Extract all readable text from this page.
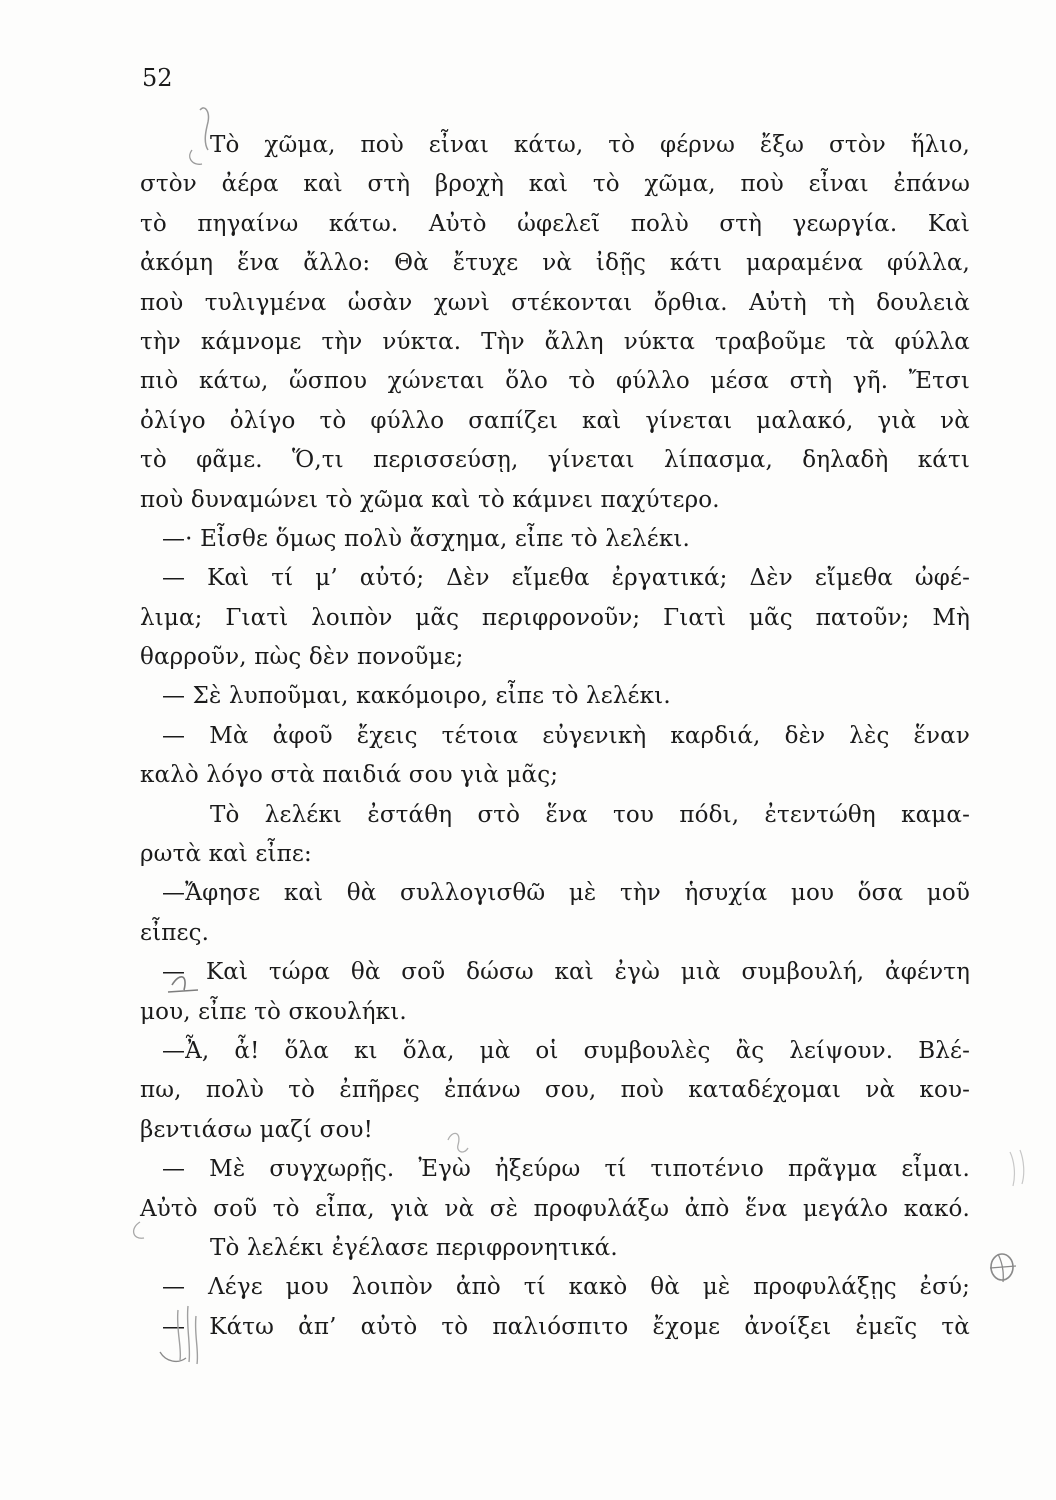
52
Τὸ χῶμα, ποὺ εἶναι κάτω, τὸ φέρνω ἔξω στὸν ἥλιο,
στὸν ἀέρα καὶ στὴ βροχὴ καὶ τὸ χῶμα, ποὺ εἶναι ἐπάνω
τὸ πηγαίνω κάτω. Αὐτὸ ὠφελεῖ πολὺ στὴ γεωργία. Καὶ
ἀκόμη ἕνα ἄλλο: Θὰ ἔτυχε νὰ ἰδῇς κάτι μαραμένα φύλλα,
ποὺ τυλιγμένα ὡσὰν χωνὶ στέκονται ὄρθια. Αὐτὴ τὴ δουλειὰ
τὴν κάμνομε τὴν νύκτα. Τὴν ἄλλη νύκτα τραβοῦμε τὰ φύλλα
πιὸ κάτω, ὥσπου χώνεται ὅλο τὸ φύλλο μέσα στὴ γῆ. Ἔτσι
ὀλίγο ὀλίγο τὸ φύλλο σαπίζει καὶ γίνεται μαλακό, γιὰ νὰ
τὸ φᾶμε. Ὅ,τι περισσεύσῃ, γίνεται λίπασμα, δηλαδὴ κάτι
ποὺ δυναμώνει τὸ χῶμα καὶ τὸ κάμνει παχύτερο.
—· Εἶσθε ὅμως πολὺ ἄσχημα, εἶπε τὸ λελέκι.
— Καὶ τί μ’ αὐτό; Δὲν εἴμεθα ἐργατικά; Δὲν εἴμεθα ὠφέ-
λιμα; Γιατὶ λοιπὸν μᾶς περιφρονοῦν; Γιατὶ μᾶς πατοῦν; Μὴ
θαρροῦν, πὼς δὲν πονοῦμε;
— Σὲ λυποῦμαι, κακόμοιρο, εἶπε τὸ λελέκι.
— Μὰ ἀφοῦ ἔχεις τέτοια εὐγενικὴ καρδιά, δὲν λὲς ἕναν
καλὸ λόγο στὰ παιδιά σου γιὰ μᾶς;
Τὸ λελέκι ἐστάθη στὸ ἕνα του πόδι, ἐτεντώθη καμα-
ρωτὰ καὶ εἶπε:
—Ἄφησε καὶ θὰ συλλογισθῶ μὲ τὴν ἡσυχία μου ὅσα μοῦ
εἶπες.
— Καὶ τώρα θὰ σοῦ δώσω καὶ ἐγὼ μιὰ συμβουλή, ἀφέντη
μου, εἶπε τὸ σκουλήκι.
—Ἆ, ἆ! ὅλα κι ὅλα, μὰ οἱ συμβουλὲς ἂς λείψουν. Βλέ-
πω, πολὺ τὸ ἐπῆρες ἐπάνω σου, ποὺ καταδέχομαι νὰ κου-
βεντιάσω μαζί σου!
— Μὲ συγχωρῇς. Ἐγὼ ἠξεύρω τί τιποτένιο πρᾶγμα εἶμαι.
Αὐτὸ σοῦ τὸ εἶπα, γιὰ νὰ σὲ προφυλάξω ἀπὸ ἕνα μεγάλο κακό.
Τὸ λελέκι ἐγέλασε περιφρονητικά.
— Λέγε μου λοιπὸν ἀπὸ τί κακὸ θὰ μὲ προφυλάξῃς ἐσύ;
— Κάτω ἀπ’ αὐτὸ τὸ παλιόσπιτο ἔχομε ἀνοίξει ἐμεῖς τὰ
